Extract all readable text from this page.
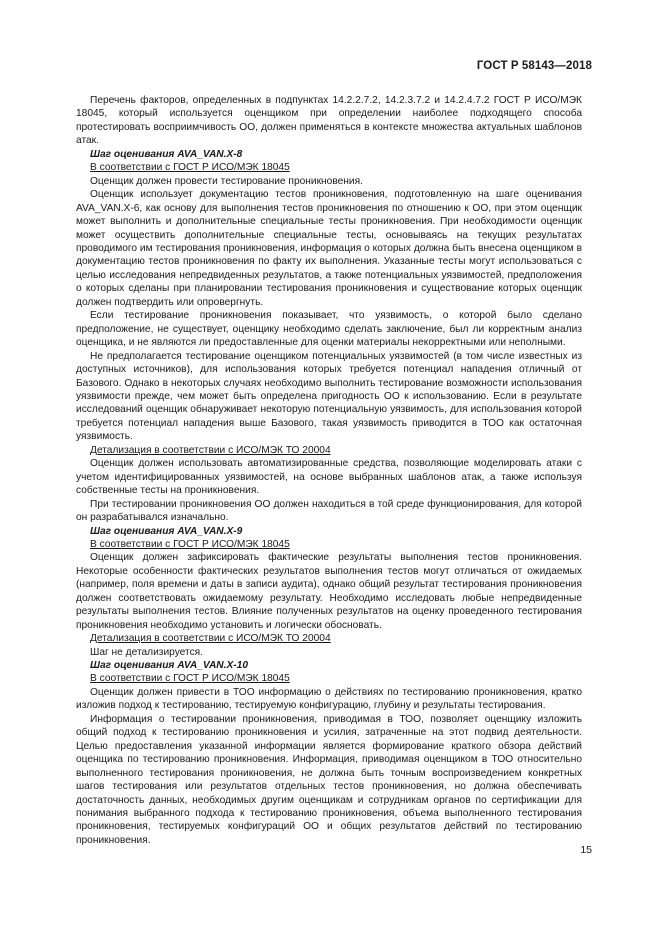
ГОСТ Р 58143—2018

Перечень факторов, определенных в подпунктах 14.2.2.7.2, 14.2.3.7.2 и 14.2.4.7.2 ГОСТ Р ИСО/МЭК 18045, который используется оценщиком при определении наиболее подходящего способа протестировать восприимчивость ОО, должен применяться в контексте множества актуальных шаблонов атак.

Шаг оценивания AVA_VAN.X-8

В соответствии с ГОСТ Р ИСО/МЭК 18045

Оценщик должен провести тестирование проникновения.

Оценщик использует документацию тестов проникновения, подготовленную на шаге оценивания AVA_VAN.X-6, как основу для выполнения тестов проникновения по отношению к ОО, при этом оценщик может выполнить и дополнительные специальные тесты проникновения. При необходимости оценщик может осуществить дополнительные специальные тесты, основываясь на текущих результатах проводимого им тестирования проникновения, информация о которых должна быть внесена оценщиком в документацию тестов проникновения по факту их выполнения. Указанные тесты могут использоваться с целью исследования непредвиденных результатов, а также потенциальных уязвимостей, предположения о которых сделаны при планировании тестирования проникновения и существование которых оценщик должен подтвердить или опровергнуть.

Если тестирование проникновения показывает, что уязвимость, о которой было сделано предположение, не существует, оценщику необходимо сделать заключение, был ли корректным анализ оценщика, и не являются ли предоставленные для оценки материалы некорректными или неполными.

Не предполагается тестирование оценщиком потенциальных уязвимостей (в том числе известных из доступных источников), для использования которых требуется потенциал нападения отличный от Базового. Однако в некоторых случаях необходимо выполнить тестирование возможности использования уязвимости прежде, чем может быть определена пригодность ОО к использованию. Если в результате исследований оценщик обнаруживает некоторую потенциальную уязвимость, для использования которой требуется потенциал нападения выше Базового, такая уязвимость приводится в ТОО как остаточная уязвимость.

Детализация в соответствии с ИСО/МЭК ТО 20004

Оценщик должен использовать автоматизированные средства, позволяющие моделировать атаки с учетом идентифицированных уязвимостей, на основе выбранных шаблонов атак, а также используя собственные тесты на проникновения.

При тестировании проникновения ОО должен находиться в той среде функционирования, для которой он разрабатывался изначально.

Шаг оценивания AVA_VAN.X-9

В соответствии с ГОСТ Р ИСО/МЭК 18045

Оценщик должен зафиксировать фактические результаты выполнения тестов проникновения. Некоторые особенности фактических результатов выполнения тестов могут отличаться от ожидаемых (например, поля времени и даты в записи аудита), однако общий результат тестирования проникновения должен соответствовать ожидаемому результату. Необходимо исследовать любые непредвиденные результаты выполнения тестов. Влияние полученных результатов на оценку проведенного тестирования проникновения необходимо установить и логически обосновать.

Детализация в соответствии с ИСО/МЭК ТО 20004

Шаг не детализируется.

Шаг оценивания AVA_VAN.X-10

В соответствии с ГОСТ Р ИСО/МЭК 18045

Оценщик должен привести в ТОО информацию о действиях по тестированию проникновения, кратко изложив подход к тестированию, тестируемую конфигурацию, глубину и результаты тестирования.

Информация о тестировании проникновения, приводимая в ТОО, позволяет оценщику изложить общий подход к тестированию проникновения и усилия, затраченные на этот подвид деятельности. Целью предоставления указанной информации является формирование краткого обзора действий оценщика по тестированию проникновения. Информация, приводимая оценщиком в ТОО относительно выполненного тестирования проникновения, не должна быть точным воспроизведением конкретных шагов тестирования или результатов отдельных тестов проникновения, но должна обеспечивать достаточность данных, необходимых другим оценщикам и сотрудникам органов по сертификации для понимания выбранного подхода к тестированию проникновения, объема выполненного тестирования проникновения, тестируемых конфигураций ОО и общих результатов действий по тестированию проникновения.

15
